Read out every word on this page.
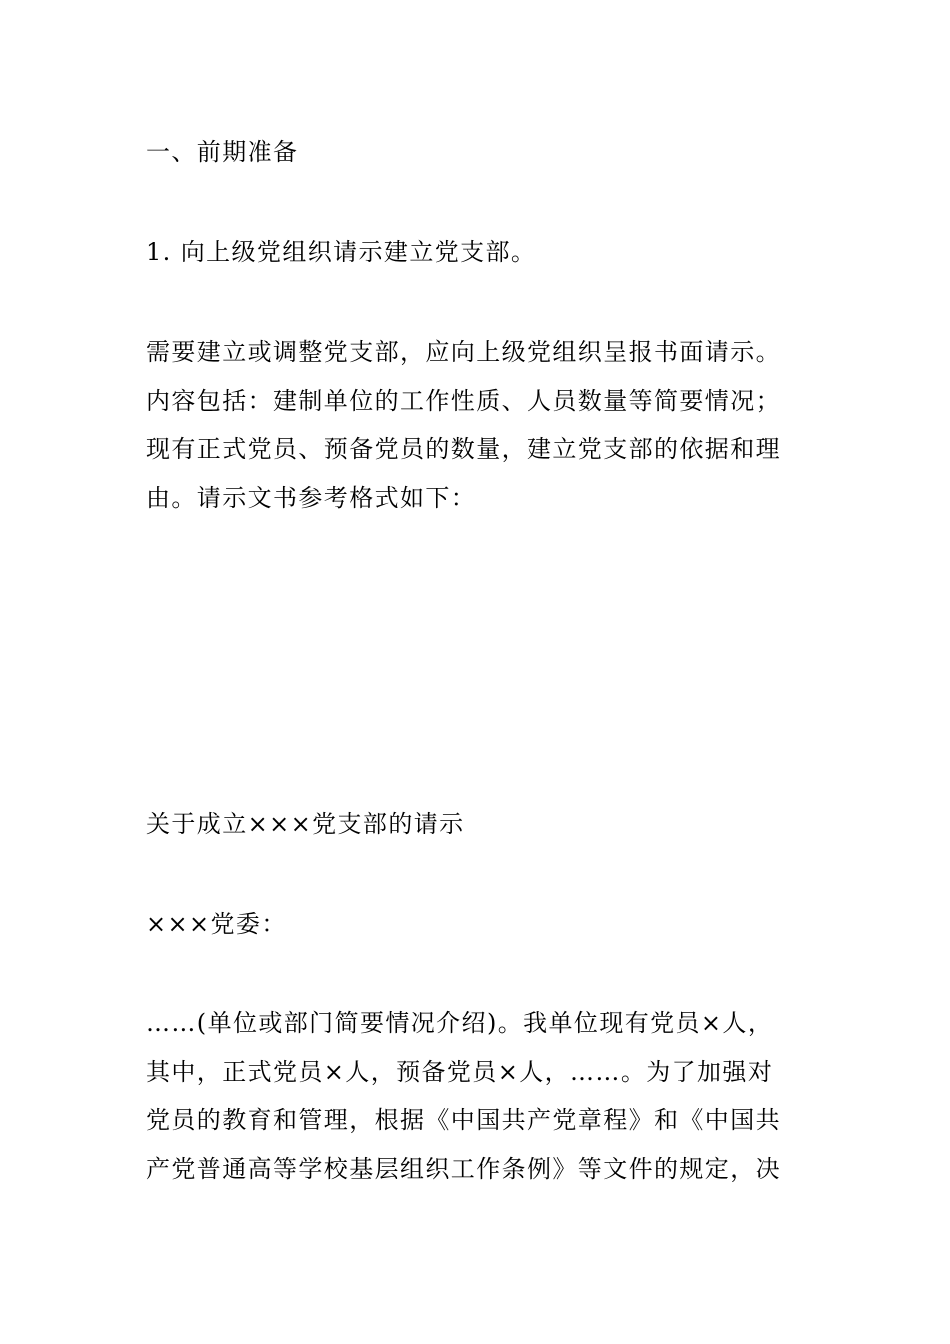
一、前期准备
1. 向上级党组织请示建立党支部。
需要建立或调整党支部，应向上级党组织呈报书面请示。
内容包括：建制单位的工作性质、人员数量等简要情况；
现有正式党员、预备党员的数量，建立党支部的依据和理
由。请示文书参考格式如下：
关于成立×××党支部的请示
×××党委：
……(单位或部门简要情况介绍)。我单位现有党员×人，
其中，正式党员×人，预备党员×人，……。为了加强对
党员的教育和管理，根据《中国共产党章程》和《中国共
产党普通高等学校基层组织工作条例》等文件的规定，决
